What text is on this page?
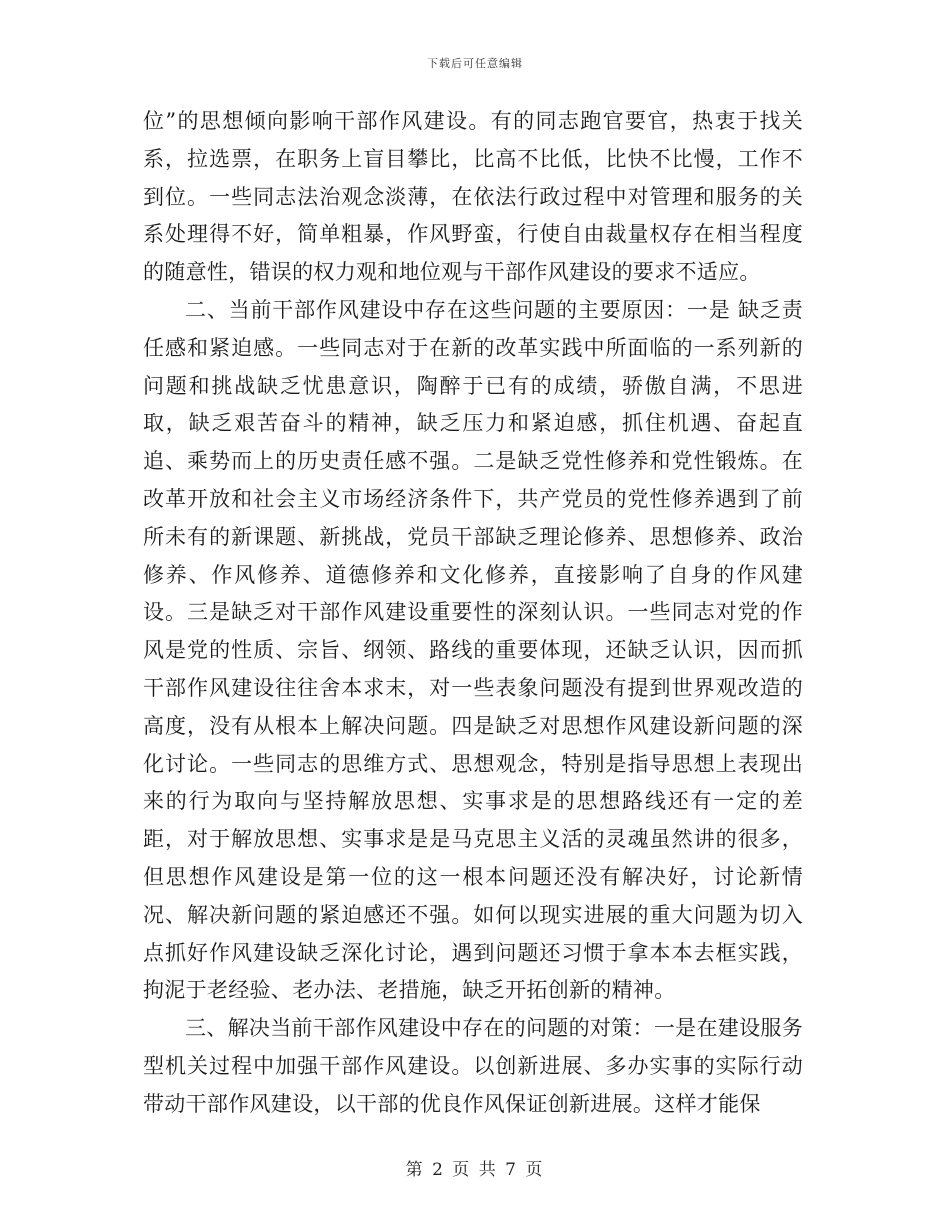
下载后可任意编辑

位”的思想倾向影响干部作风建设。有的同志跑官要官，热衷于找关系，拉选票，在职务上盲目攀比，比高不比低，比快不比慢，工作不到位。一些同志法治观念淡薄，在依法行政过程中对管理和服务的关系处理得不好，简单粗暴，作风野蛮，行使自由裁量权存在相当程度的随意性，错误的权力观和地位观与干部作风建设的要求不适应。

二、当前干部作风建设中存在这些问题的主要原因：一是 缺乏责任感和紧迫感。一些同志对于在新的改革实践中所面临的一系列新的问题和挑战缺乏忧患意识，陶醉于已有的成绩，骄傲自满，不思进取，缺乏艰苦奋斗的精神，缺乏压力和紧迫感，抓住机遇、奋起直追、乘势而上的历史责任感不强。二是缺乏党性修养和党性锻炼。在改革开放和社会主义市场经济条件下，共产党员的党性修养遇到了前所未有的新课题、新挑战，党员干部缺乏理论修养、思想修养、政治修养、作风修养、道德修养和文化修养，直接影响了自身的作风建设。三是缺乏对干部作风建设重要性的深刻认识。一些同志对党的作风是党的性质、宗旨、纲领、路线的重要体现，还缺乏认识，因而抓干部作风建设往往舍本求末，对一些表象问题没有提到世界观改造的高度，没有从根本上解决问题。四是缺乏对思想作风建设新问题的深化讨论。一些同志的思维方式、思想观念，特别是指导思想上表现出来的行为取向与坚持解放思想、实事求是的思想路线还有一定的差距，对于解放思想、实事求是是马克思主义活的灵魂虽然讲的很多，但思想作风建设是第一位的这一根本问题还没有解决好，讨论新情况、解决新问题的紧迫感还不强。如何以现实进展的重大问题为切入点抓好作风建设缺乏深化讨论，遇到问题还习惯于拿本本去框实践，拘泥于老经验、老办法、老措施，缺乏开拓创新的精神。

三、解决当前干部作风建设中存在的问题的对策：一是在建设服务型机关过程中加强干部作风建设。以创新进展、多办实事的实际行动带动干部作风建设，以干部的优良作风保证创新进展。这样才能保

第 2 页 共 7 页
